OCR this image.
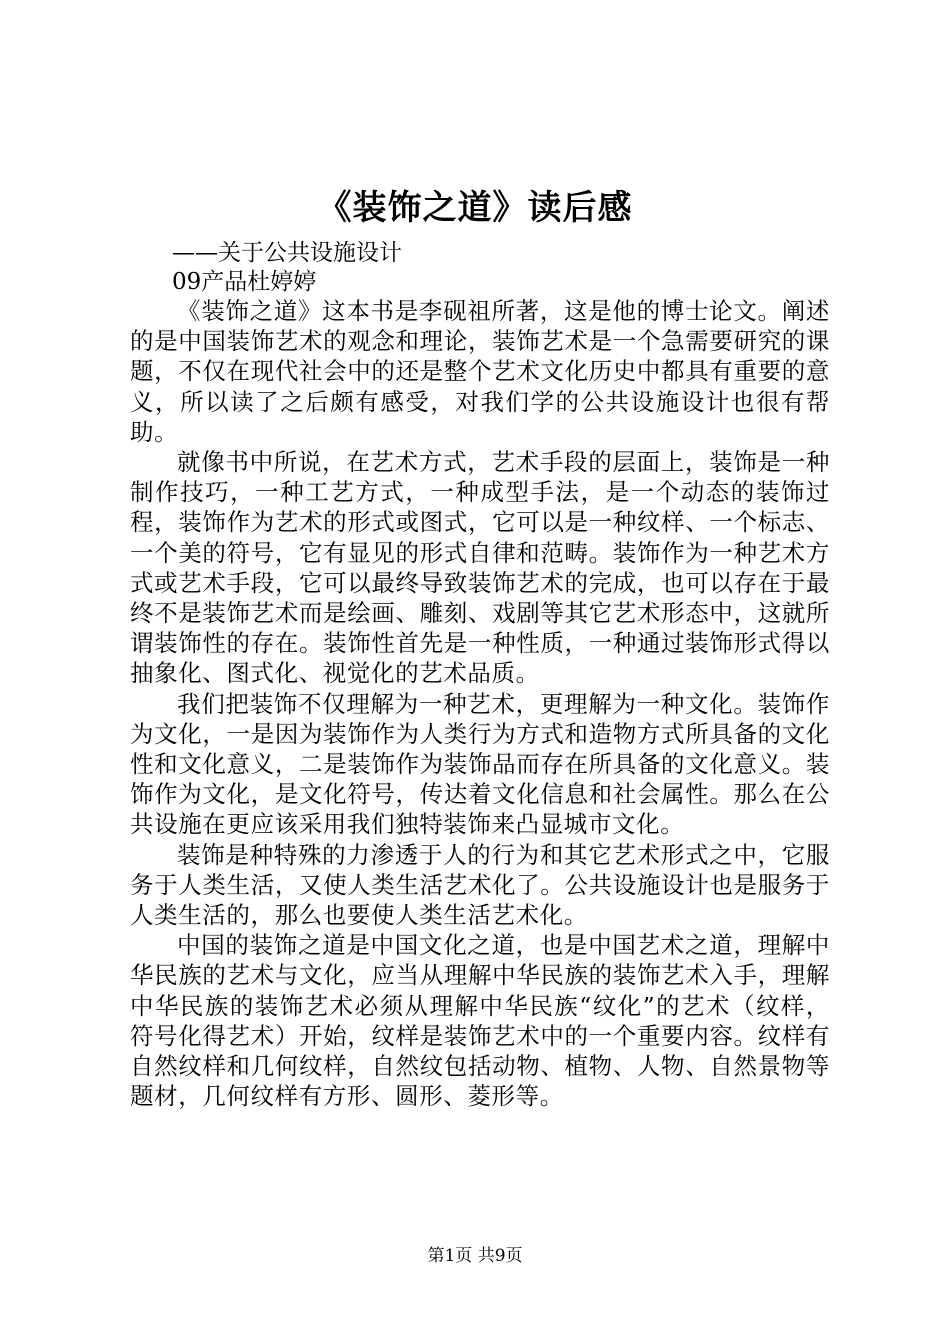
《装饰之道》读后感
——关于公共设施设计
09产品杜婷婷

《装饰之道》这本书是李砚祖所著，这是他的博士论文。阐述的是中国装饰艺术的观念和理论，装饰艺术是一个急需要研究的课题，不仅在现代社会中的还是整个艺术文化历史中都具有重要的意义，所以读了之后颇有感受，对我们学的公共设施设计也很有帮助。

就像书中所说，在艺术方式，艺术手段的层面上，装饰是一种制作技巧，一种工艺方式，一种成型手法，是一个动态的装饰过程，装饰作为艺术的形式或图式，它可以是一种纹样、一个标志、一个美的符号，它有显见的形式自律和范畴。装饰作为一种艺术方式或艺术手段，它可以最终导致装饰艺术的完成，也可以存在于最终不是装饰艺术而是绘画、雕刻、戏剧等其它艺术形态中，这就所谓装饰性的存在。装饰性首先是一种性质，一种通过装饰形式得以抽象化、图式化、视觉化的艺术品质。

我们把装饰不仅理解为一种艺术，更理解为一种文化。装饰作为文化，一是因为装饰作为人类行为方式和造物方式所具备的文化性和文化意义，二是装饰作为装饰品而存在所具备的文化意义。装饰作为文化，是文化符号，传达着文化信息和社会属性。那么在公共设施在更应该采用我们独特装饰来凸显城市文化。

装饰是种特殊的力渗透于人的行为和其它艺术形式之中，它服务于人类生活，又使人类生活艺术化了。公共设施设计也是服务于人类生活的，那么也要使人类生活艺术化。

中国的装饰之道是中国文化之道，也是中国艺术之道，理解中华民族的艺术与文化，应当从理解中华民族的装饰艺术入手，理解中华民族的装饰艺术必须从理解中华民族“纹化”的艺术（纹样，符号化得艺术）开始，纹样是装饰艺术中的一个重要内容。纹样有自然纹样和几何纹样，自然纹包括动物、植物、人物、自然景物等题材，几何纹样有方形、圆形、菱形等。

第1页 共9页
